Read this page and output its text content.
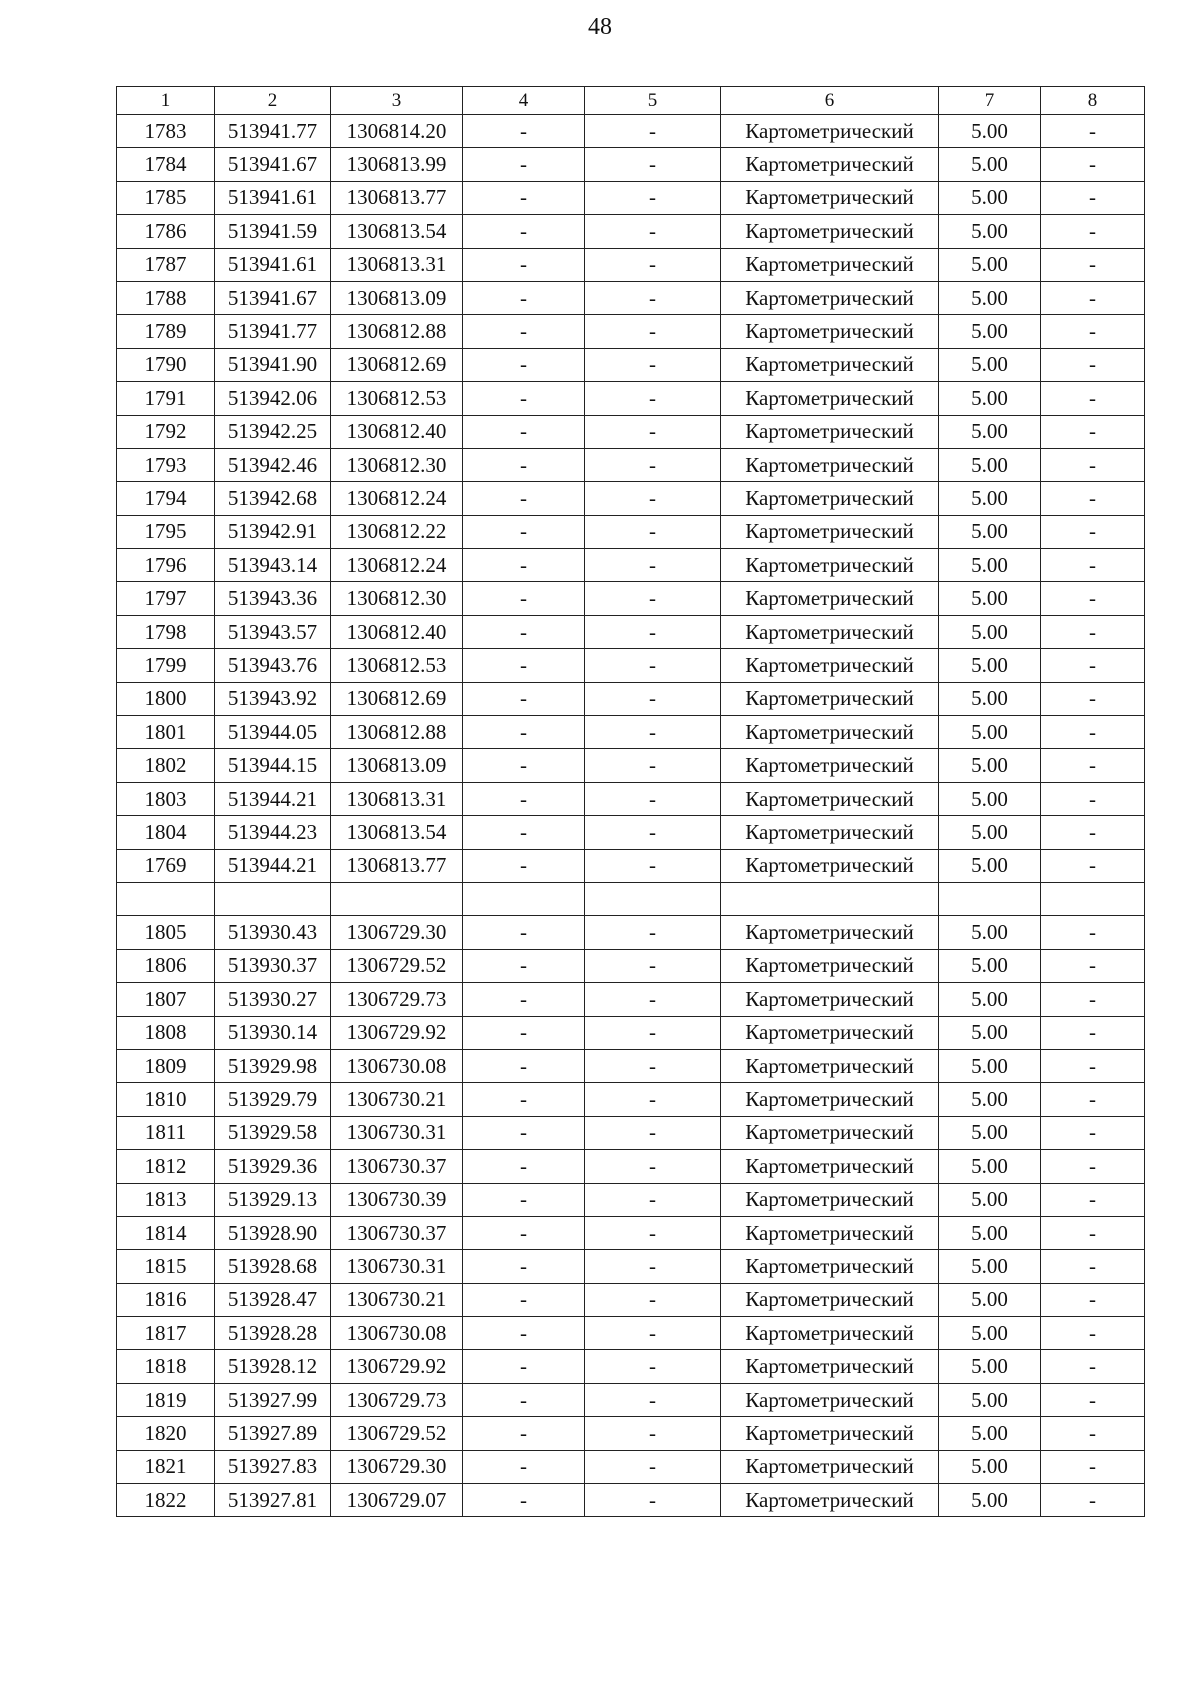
48
1	2	3	4	5	6	7	8
1783	513941.77	1306814.20	-	-	Картометрический	5.00	-
1784	513941.67	1306813.99	-	-	Картометрический	5.00	-
1785	513941.61	1306813.77	-	-	Картометрический	5.00	-
1786	513941.59	1306813.54	-	-	Картометрический	5.00	-
1787	513941.61	1306813.31	-	-	Картометрический	5.00	-
1788	513941.67	1306813.09	-	-	Картометрический	5.00	-
1789	513941.77	1306812.88	-	-	Картометрический	5.00	-
1790	513941.90	1306812.69	-	-	Картометрический	5.00	-
1791	513942.06	1306812.53	-	-	Картометрический	5.00	-
1792	513942.25	1306812.40	-	-	Картометрический	5.00	-
1793	513942.46	1306812.30	-	-	Картометрический	5.00	-
1794	513942.68	1306812.24	-	-	Картометрический	5.00	-
1795	513942.91	1306812.22	-	-	Картометрический	5.00	-
1796	513943.14	1306812.24	-	-	Картометрический	5.00	-
1797	513943.36	1306812.30	-	-	Картометрический	5.00	-
1798	513943.57	1306812.40	-	-	Картометрический	5.00	-
1799	513943.76	1306812.53	-	-	Картометрический	5.00	-
1800	513943.92	1306812.69	-	-	Картометрический	5.00	-
1801	513944.05	1306812.88	-	-	Картометрический	5.00	-
1802	513944.15	1306813.09	-	-	Картометрический	5.00	-
1803	513944.21	1306813.31	-	-	Картометрический	5.00	-
1804	513944.23	1306813.54	-	-	Картометрический	5.00	-
1769	513944.21	1306813.77	-	-	Картометрический	5.00	-

1805	513930.43	1306729.30	-	-	Картометрический	5.00	-
1806	513930.37	1306729.52	-	-	Картометрический	5.00	-
1807	513930.27	1306729.73	-	-	Картометрический	5.00	-
1808	513930.14	1306729.92	-	-	Картометрический	5.00	-
1809	513929.98	1306730.08	-	-	Картометрический	5.00	-
1810	513929.79	1306730.21	-	-	Картометрический	5.00	-
1811	513929.58	1306730.31	-	-	Картометрический	5.00	-
1812	513929.36	1306730.37	-	-	Картометрический	5.00	-
1813	513929.13	1306730.39	-	-	Картометрический	5.00	-
1814	513928.90	1306730.37	-	-	Картометрический	5.00	-
1815	513928.68	1306730.31	-	-	Картометрический	5.00	-
1816	513928.47	1306730.21	-	-	Картометрический	5.00	-
1817	513928.28	1306730.08	-	-	Картометрический	5.00	-
1818	513928.12	1306729.92	-	-	Картометрический	5.00	-
1819	513927.99	1306729.73	-	-	Картометрический	5.00	-
1820	513927.89	1306729.52	-	-	Картометрический	5.00	-
1821	513927.83	1306729.30	-	-	Картометрический	5.00	-
1822	513927.81	1306729.07	-	-	Картометрический	5.00	-
